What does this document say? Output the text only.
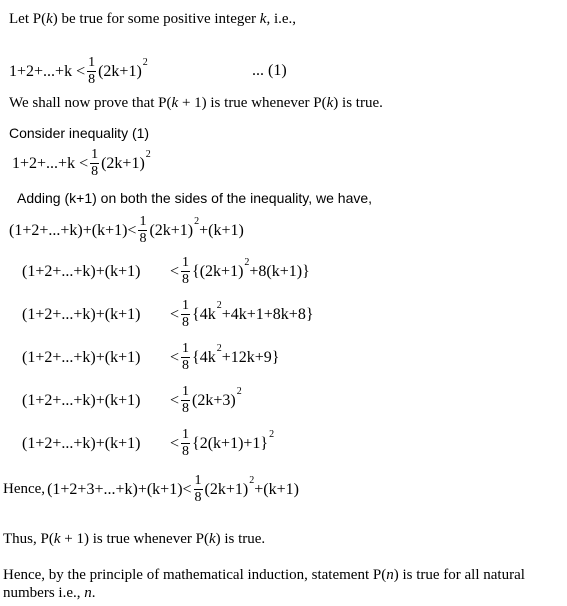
Let P(k) be true for some positive integer k, i.e.,
$1+2+...+k < \frac{1}{8} (2k+1)$ 2	... (1)
We shall now prove that P(k + 1) is true whenever P(k) is true.
Consider inequality (1)
$1+2+...+k < \frac{1}{8} (2k+1)$ 2
Adding (k+1) on both the sides of the inequality, we have,
$(1+2+...+k)+(k+1)< \frac{1}{8} (2k+1)$ 2 +(k+1)
(1+2+...+k)+(k+1)	< $\frac{1}{8} \{(2k+1)$ 2 +8(k+1)}
(1+2+...+k)+(k+1)	< $\frac{1}{8} \{4k$ 2 +4k+1+8k+8}
(1+2+...+k)+(k+1)	< $\frac{1}{8} \{4k$ 2 +12k+9}
(1+2+...+k)+(k+1)	< $\frac{1}{8} (2k+3)$ 2
(1+2+...+k)+(k+1)	< $\frac{1}{8} \{2(k+1)+1\}$ 2
Hence, $(1+2+3+...+k)+(k+1)< \frac{1}{8} (2k+1)$ 2 +(k+1)
Thus, P(k + 1) is true whenever P(k) is true.
Hence, by the principle of mathematical induction, statement P(n) is true for all natural
numbers i.e., n.
